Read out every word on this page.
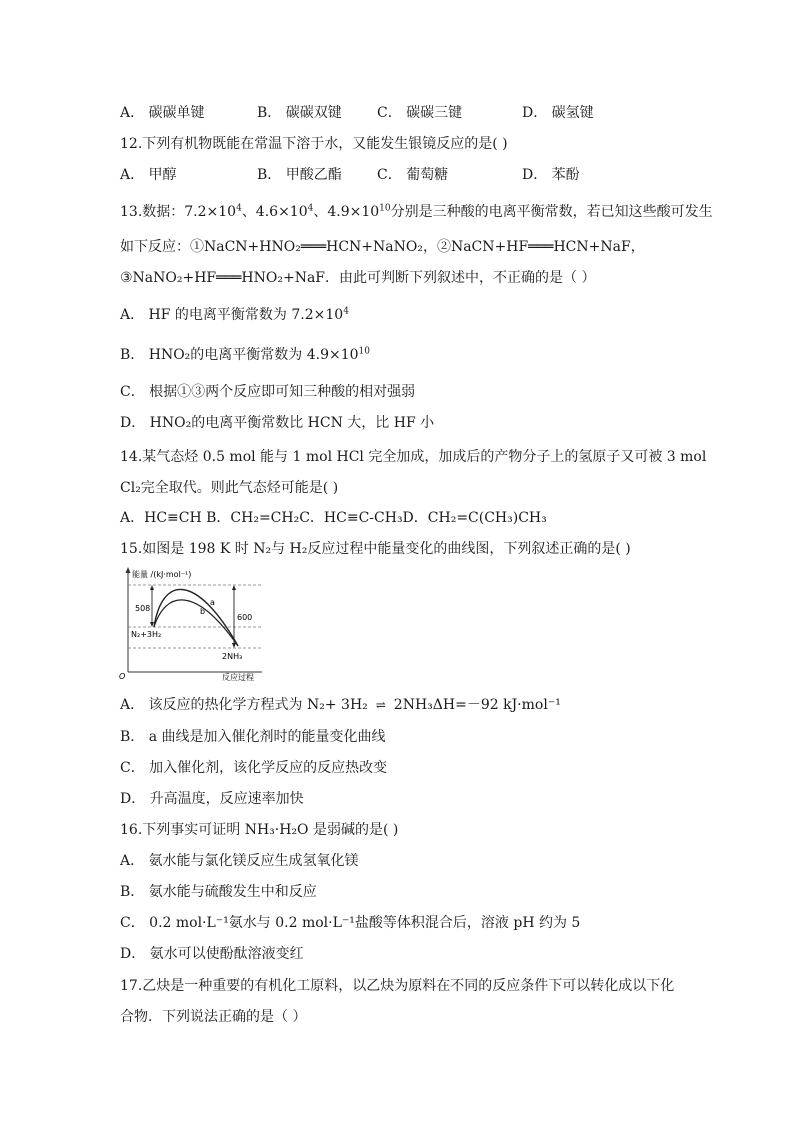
A． 碳碳单键	B． 碳碳双键	C． 碳碳三键	D． 碳氢键
12.下列有机物既能在常温下溶于水，又能发生银镜反应的是( )
A． 甲醇	B． 甲酸乙酯	C． 葡萄糖	D． 苯酚
13.数据：$7.2\times 10^4$、$4.6\times 10^4$、$4.9\times 10^{10}$分别是三种酸的电离平衡常数，若已知这些酸可发生
如下反应：①NaCN+HNO₂═══HCN+NaNO₂，②NaCN+HF═══HCN+NaF，
③NaNO₂+HF═══HNO₂+NaF．由此可判断下列叙述中，不正确的是（ ）
A． HF 的电离平衡常数为 $7.2\times 10^4$
B． HNO₂的电离平衡常数为 $4.9\times 10^{10}$
C． 根据①③两个反应即可知三种酸的相对强弱
D． HNO₂的电离平衡常数比 HCN 大，比 HF 小
14.某气态烃 0.5 mol 能与 1 mol HCl 完全加成，加成后的产物分子上的氢原子又可被 3 mol
Cl₂完全取代。则此气态烃可能是( )
A．HC≡CH B．CH₂=CH₂C．HC≡C-CH₃D．CH₂=C(CH₃)CH₃
15.如图是 198 K 时 N₂与 H₂反应过程中能量变化的曲线图，下列叙述正确的是( )
能量 /(kJ·mol⁻¹)
508
600
a
b
N₂+3H₂
2NH₃
O	反应过程
A． 该反应的热化学方程式为 N₂+ 3H₂ ⇌ 2NH₃ΔH=－92 kJ·mol⁻¹
B． a 曲线是加入催化剂时的能量变化曲线
C． 加入催化剂，该化学反应的反应热改变
D． 升高温度，反应速率加快
16.下列事实可证明 NH₃·H₂O 是弱碱的是( )
A． 氨水能与氯化镁反应生成氢氧化镁
B． 氨水能与硫酸发生中和反应
C． 0.2 mol·L⁻¹氨水与 0.2 mol·L⁻¹盐酸等体积混合后，溶液 pH 约为 5
D． 氨水可以使酚酞溶液变红
17.乙炔是一种重要的有机化工原料，以乙炔为原料在不同的反应条件下可以转化成以下化
合物．下列说法正确的是（ ）
